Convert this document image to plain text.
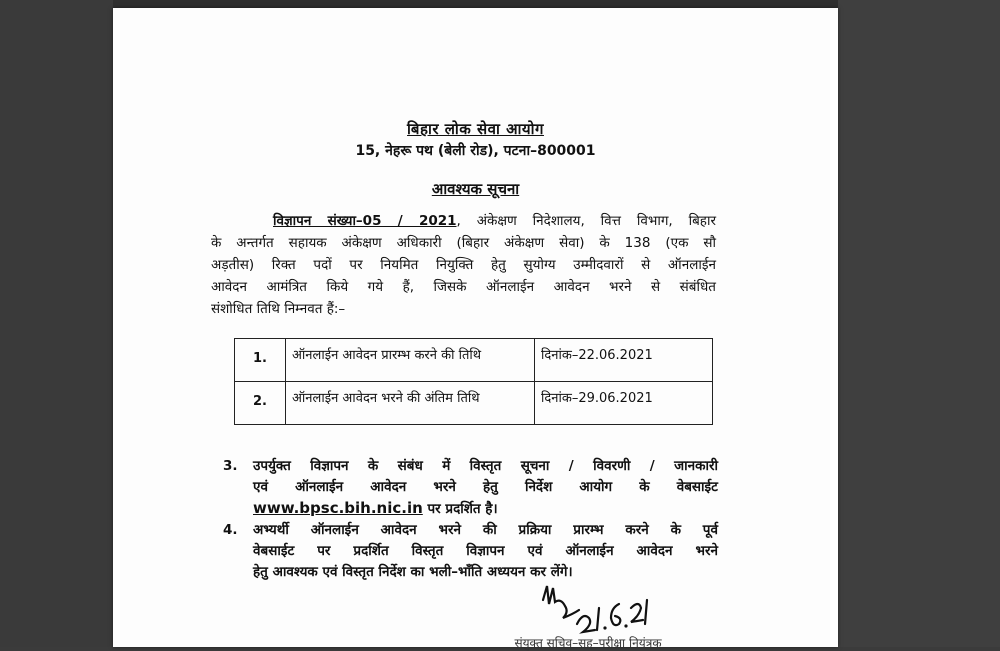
बिहार लोक सेवा आयोग
15, नेहरू पथ (बेली रोड), पटना–800001
आवश्यक सूचना
विज्ञापन संख्या–05 / 2021, अंकेक्षण निदेशालय, वित्त विभाग, बिहार
के अन्तर्गत सहायक अंकेक्षण अधिकारी (बिहार अंकेक्षण सेवा) के 138 (एक सौ
अड़तीस) रिक्त पदों पर नियमित नियुक्ति हेतु सुयोग्य उम्मीदवारों से ऑनलाईन
आवेदन आमंत्रित किये गये हैं, जिसके ऑनलाईन आवेदन भरने से संबंधित
संशोधित तिथि निम्नवत हैं:–
1.	ऑनलाईन आवेदन प्रारम्भ करने की तिथि	दिनांक–22.06.2021
2.	ऑनलाईन आवेदन भरने की अंतिम तिथि	दिनांक–29.06.2021
3. उपर्युक्त विज्ञापन के संबंध में विस्तृत सूचना / विवरणी / जानकारी
एवं ऑनलाईन आवेदन भरने हेतु निर्देश आयोग के वेबसाईट
www.bpsc.bih.nic.in पर प्रदर्शित है।
4. अभ्यर्थी ऑनलाईन आवेदन भरने की प्रक्रिया प्रारम्भ करने के पूर्व
वेबसाईट पर प्रदर्शित विस्तृत विज्ञापन एवं ऑनलाईन आवेदन भरने
हेतु आवश्यक एवं विस्तृत निर्देश का भली–भाँति अध्ययन कर लेंगे।
संयुक्त सचिव–सह–परीक्षा नियंत्रक
